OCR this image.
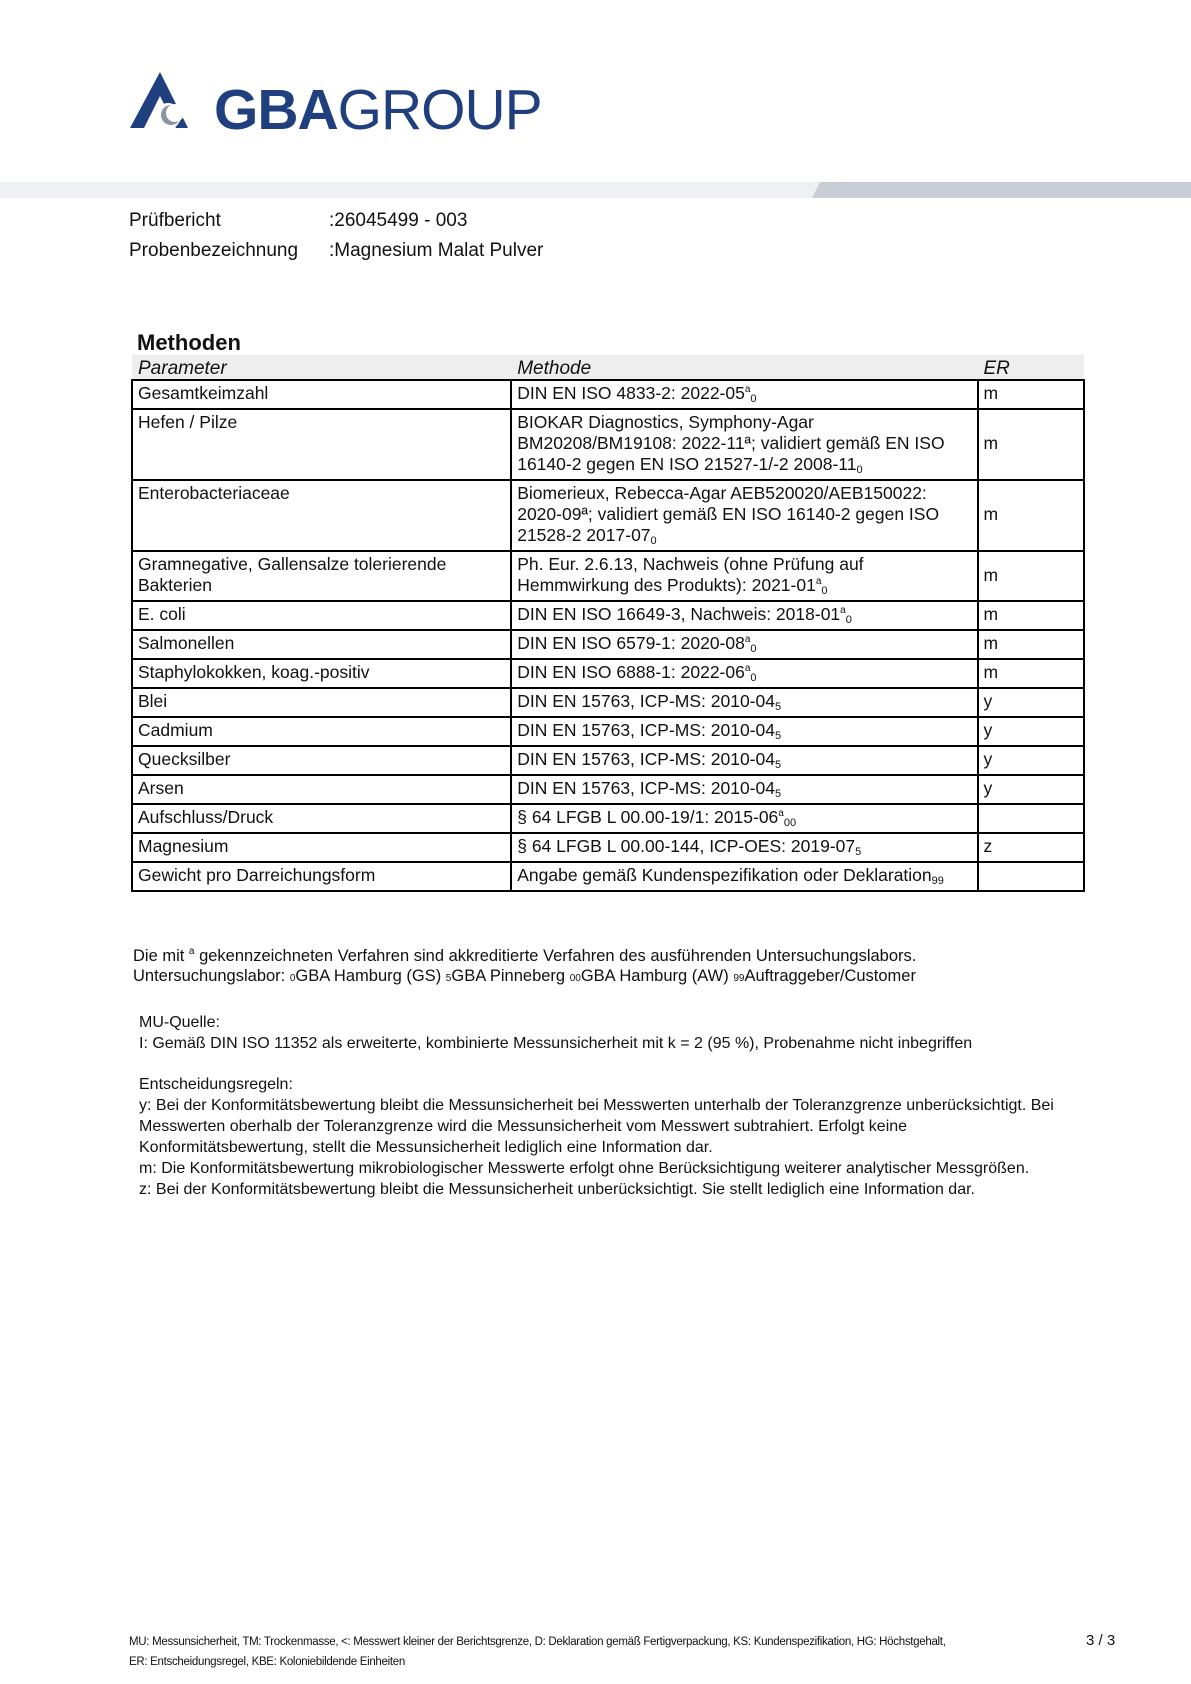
GBAGROUP
Prüfbericht	:26045499 - 003
Probenbezeichnung :Magnesium Malat Pulver
Methoden
Parameter	Methode	ER
Gesamtkeimzahl	DIN EN ISO 4833-2: $2022-05^a_0$	m
Hefen / Pilze	BIOKAR Diagnostics, Symphony-Agar BM20208/BM19108: 2022-11ª; validiert gemäß EN ISO 16140-2 gegen EN ISO 21527-1/-2 $2008-11_0$	m
Enterobacteriaceae	Biomerieux, Rebecca-Agar AEB520020/AEB150022: 2020-09ª; validiert gemäß EN ISO 16140-2 gegen ISO 21528-2 $2017-07_0$	m
Gramnegative, Gallensalze tolerierende Bakterien	Ph. Eur. 2.6.13, Nachweis (ohne Prüfung auf Hemmwirkung des Produkts): $2021-01^a_0$	m
E. coli	DIN EN ISO 16649-3, Nachweis: $2018-01^a_0$	m
Salmonellen	DIN EN ISO 6579-1: $2020-08^a_0$	m
Staphylokokken, koag.-positiv	DIN EN ISO 6888-1: $2022-06^a_0$	m
Blei	DIN EN 15763, ICP-MS: $2010-04_5$	y
Cadmium	DIN EN 15763, ICP-MS: $2010-04_5$	y
Quecksilber	DIN EN 15763, ICP-MS: $2010-04_5$	y
Arsen	DIN EN 15763, ICP-MS: $2010-04_5$	y
Aufschluss/Druck	§ 64 LFGB L 00.00-19/1: $2015-06^a_{00}$	
Magnesium	§ 64 LFGB L 00.00-144, ICP-OES: $2019-07_5$	z
Gewicht pro Darreichungsform	Angabe gemäß Kundenspezifikation oder Deklaration$_{99}$	

Die mit $^a$ gekennzeichneten Verfahren sind akkreditierte Verfahren des ausführenden Untersuchungslabors.

Untersuchungslabor: 0GBA Hamburg (GS) 5GBA Pinneberg 00GBA Hamburg (AW) 99Auftraggeber/Customer

MU-Quelle:

I: Gemäß DIN ISO 11352 als erweiterte, kombinierte Messunsicherheit mit k = 2 (95 %), Probenahme nicht inbegriffen

Entscheidungsregeln:

y: Bei der Konformitätsbewertung bleibt die Messunsicherheit bei Messwerten unterhalb der Toleranzgrenze unberücksichtigt. Bei Messwerten oberhalb der Toleranzgrenze wird die Messunsicherheit vom Messwert subtrahiert. Erfolgt keine Konformitätsbewertung, stellt die Messunsicherheit lediglich eine Information dar.

m: Die Konformitätsbewertung mikrobiologischer Messwerte erfolgt ohne Berücksichtigung weiterer analytischer Messgrößen.

z: Bei der Konformitätsbewertung bleibt die Messunsicherheit unberücksichtigt. Sie stellt lediglich eine Information dar.

MU: Messunsicherheit, TM: Trockenmasse, <: Messwert kleiner der Berichtsgrenze, D: Deklaration gemäß Fertigverpackung, KS: Kundenspezifikation, HG: Höchstgehalt,

ER: Entscheidungsregel, KBE: Koloniebildende Einheiten

3 / 3
